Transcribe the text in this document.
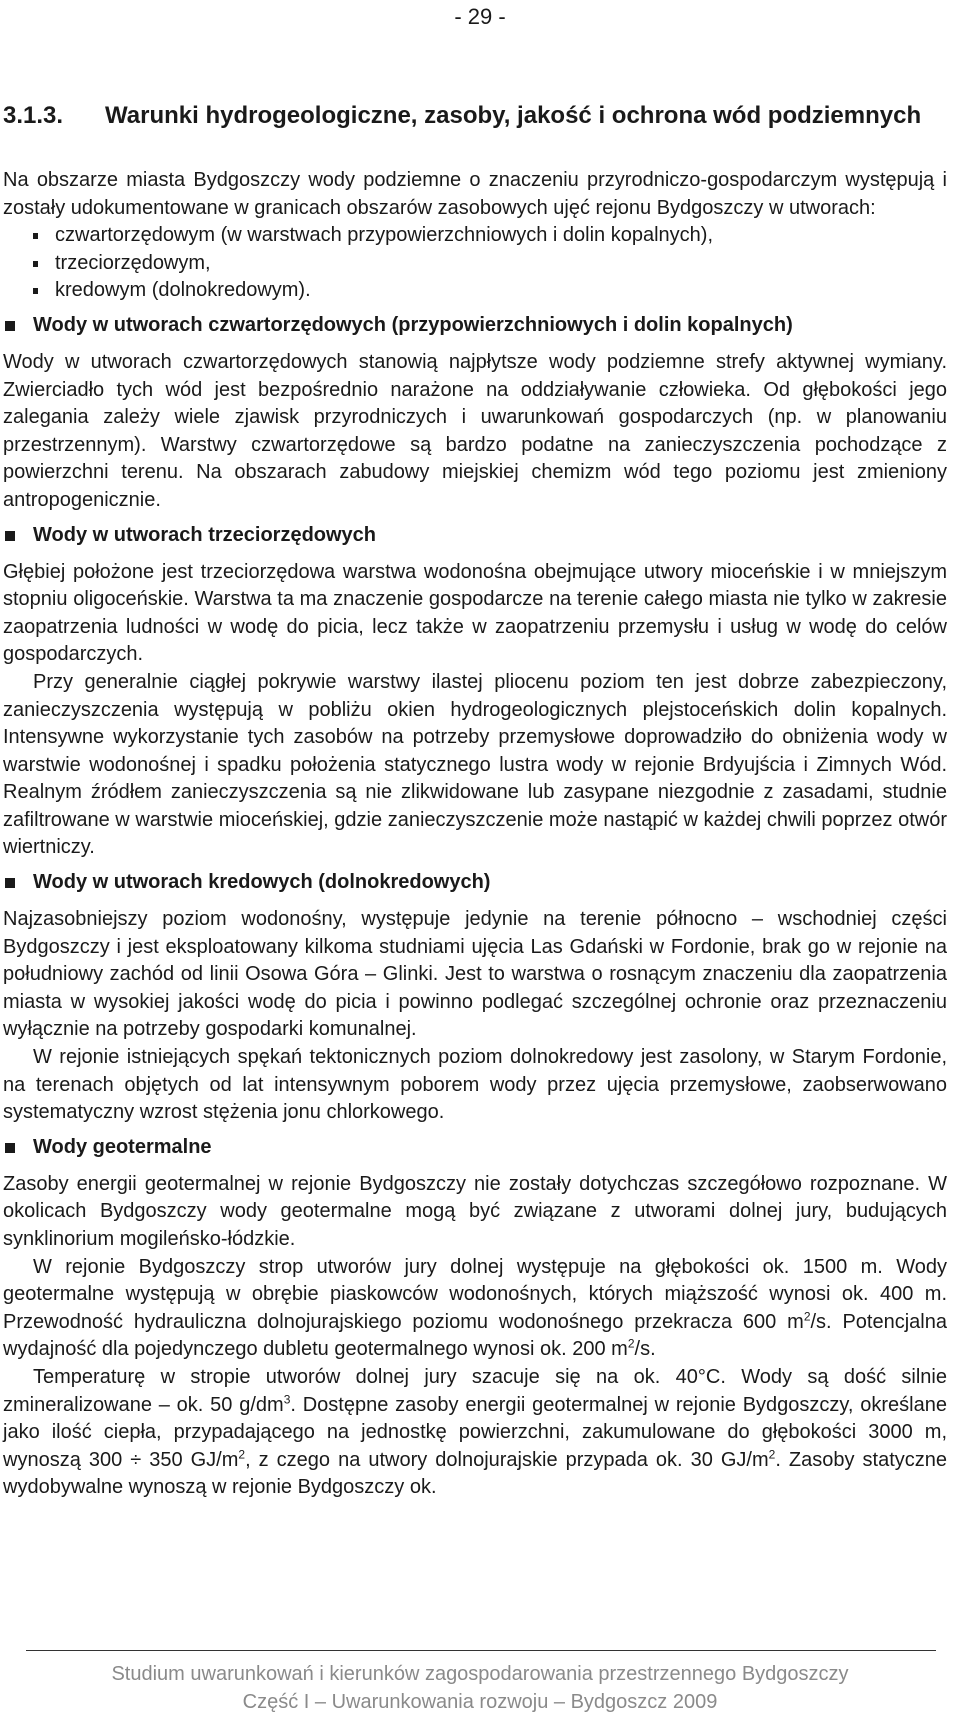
- 29 -
3.1.3. Warunki hydrogeologiczne, zasoby, jakość i ochrona wód podziemnych

Na obszarze miasta Bydgoszczy wody podziemne o znaczeniu przyrodniczo-gospodarczym występują i zostały udokumentowane w granicach obszarów zasobowych ujęć rejonu Bydgoszczy w utworach:

czwartorzędowym (w warstwach przypowierzchniowych i dolin kopalnych),
trzeciorzędowym,
kredowym (dolnokredowym).
Wody w utworach czwartorzędowych (przypowierzchniowych i dolin kopalnych)

Wody w utworach czwartorzędowych stanowią najpłytsze wody podziemne strefy aktywnej wymiany. Zwierciadło tych wód jest bezpośrednio narażone na oddziaływanie człowieka. Od głębokości jego zalegania zależy wiele zjawisk przyrodniczych i uwarunkowań gospodarczych (np. w planowaniu przestrzennym). Warstwy czwartorzędowe są bardzo podatne na zanieczyszczenia pochodzące z powierzchni terenu. Na obszarach zabudowy miejskiej chemizm wód tego poziomu jest zmieniony antropogenicznie.

Wody w utworach trzeciorzędowych

Głębiej położone jest trzeciorzędowa warstwa wodonośna obejmujące utwory mioceńskie i w mniejszym stopniu oligoceńskie. Warstwa ta ma znaczenie gospodarcze na terenie całego miasta nie tylko w zakresie zaopatrzenia ludności w wodę do picia, lecz także w zaopatrzeniu przemysłu i usług w wodę do celów gospodarczych.

Przy generalnie ciągłej pokrywie warstwy ilastej pliocenu poziom ten jest dobrze zabezpieczony, zanieczyszczenia występują w pobliżu okien hydrogeologicznych plejstoceńskich dolin kopalnych. Intensywne wykorzystanie tych zasobów na potrzeby przemysłowe doprowadziło do obniżenia wody w warstwie wodonośnej i spadku położenia statycznego lustra wody w rejonie Brdyujścia i Zimnych Wód. Realnym źródłem zanieczyszczenia są nie zlikwidowane lub zasypane niezgodnie z zasadami, studnie zafiltrowane w warstwie mioceńskiej, gdzie zanieczyszczenie może nastąpić w każdej chwili poprzez otwór wiertniczy.

Wody w utworach kredowych (dolnokredowych)

Najzasobniejszy poziom wodonośny, występuje jedynie na terenie północno – wschodniej części Bydgoszczy i jest eksploatowany kilkoma studniami ujęcia Las Gdański w Fordonie, brak go w rejonie na południowy zachód od linii Osowa Góra – Glinki. Jest to warstwa o rosnącym znaczeniu dla zaopatrzenia miasta w wysokiej jakości wodę do picia i powinno podlegać szczególnej ochronie oraz przeznaczeniu wyłącznie na potrzeby gospodarki komunalnej.

W rejonie istniejących spękań tektonicznych poziom dolnokredowy jest zasolony, w Starym Fordonie, na terenach objętych od lat intensywnym poborem wody przez ujęcia przemysłowe, zaobserwowano systematyczny wzrost stężenia jonu chlorkowego.

Wody geotermalne

Zasoby energii geotermalnej w rejonie Bydgoszczy nie zostały dotychczas szczegółowo rozpoznane. W okolicach Bydgoszczy wody geotermalne mogą być związane z utworami dolnej jury, budujących synklinorium mogileńsko-łódzkie.

W rejonie Bydgoszczy strop utworów jury dolnej występuje na głębokości ok. 1500 m. Wody geotermalne występują w obrębie piaskowców wodonośnych, których miąższość wynosi ok. 400 m. Przewodność hydrauliczna dolnojurajskiego poziomu wodonośnego przekracza 600 $m^2/s$. Potencjalna wydajność dla pojedynczego dubletu geotermalnego wynosi ok. 200 $m^2/s$.

Temperaturę w stropie utworów dolnej jury szacuje się na ok. 40°C. Wody są dość silnie zmineralizowane – ok. 50 $g/dm^3$. Dostępne zasoby energii geotermalnej w rejonie Bydgoszczy, określane jako ilość ciepła, przypadającego na jednostkę powierzchni, zakumulowane do głębokości 3000 m, wynoszą 300 ÷ 350 $GJ/m^2$, z czego na utwory dolnojurajskie przypada ok. 30 $GJ/m^2$. Zasoby statyczne wydobywalne wynoszą w rejonie Bydgoszczy ok.

Studium uwarunkowań i kierunków zagospodarowania przestrzennego Bydgoszczy
Część I – Uwarunkowania rozwoju – Bydgoszcz 2009
